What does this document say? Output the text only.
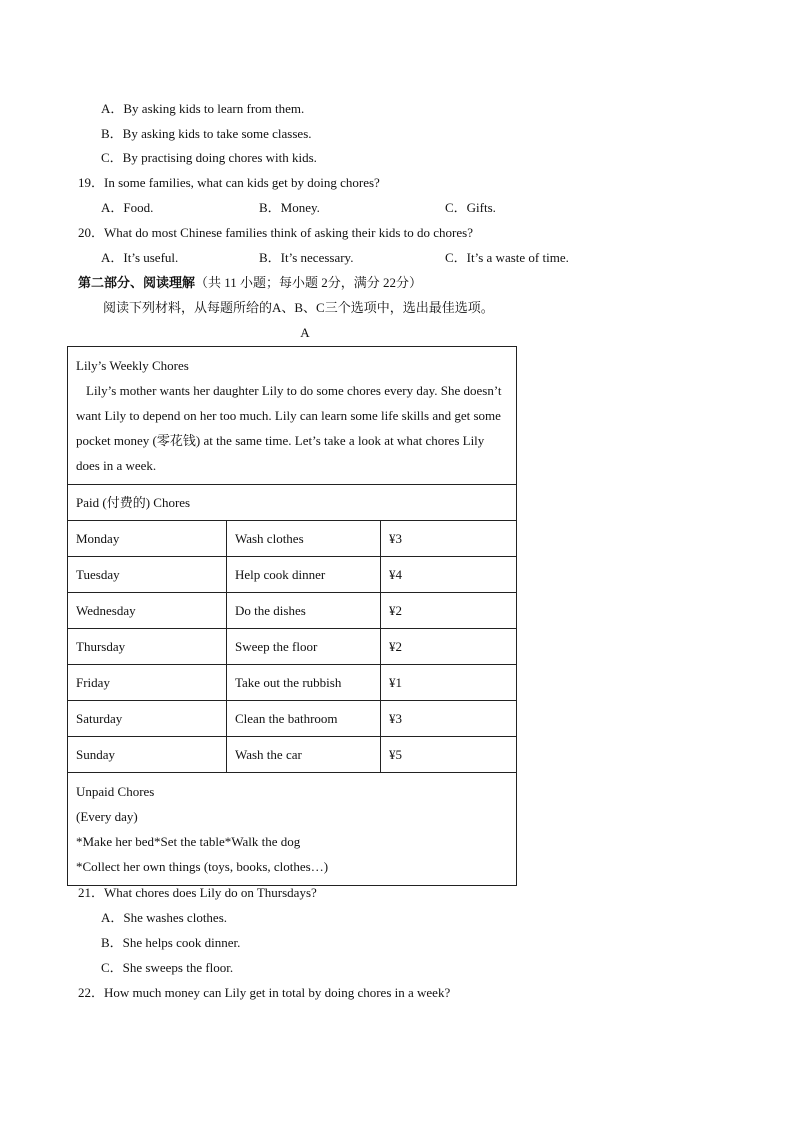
A．By asking kids to learn from them.
B．By asking kids to take some classes.
C．By practising doing chores with kids.
19．In some families, what can kids get by doing chores?
A．Food.	B．Money.	C．Gifts.
20．What do most Chinese families think of asking their kids to do chores?
A．It’s useful.	B．It’s necessary.	C．It’s a waste of time.
第二部分、阅读理解（共 11 小题；每小题 2分，满分 22分）
阅读下列材料，从每题所给的A、B、C三个选项中，选出最佳选项。
A
Lily’s Weekly Chores

Lily’s mother wants her daughter Lily to do some chores every day. She doesn’t want Lily to depend on her too much. Lily can learn some life skills and get some pocket money (零花钱) at the same time. Let’s take a look at what chores Lily does in a week.		

Paid (付费的) Chores		
Monday	Wash clothes	¥3
Tuesday	Help cook dinner	¥4
Wednesday	Do the dishes	¥2
Thursday	Sweep the floor	¥2
Friday	Take out the rubbish	¥1
Saturday	Clean the bathroom	¥3
Sunday	Wash the car	¥5

Unpaid Chores
(Every day)
*Make her bed*Set the table*Walk the dog
*Collect her own things (toys, books, clothes…)		
21．What chores does Lily do on Thursdays?
A．She washes clothes.
B．She helps cook dinner.
C．She sweeps the floor.
22．How much money can Lily get in total by doing chores in a week?
